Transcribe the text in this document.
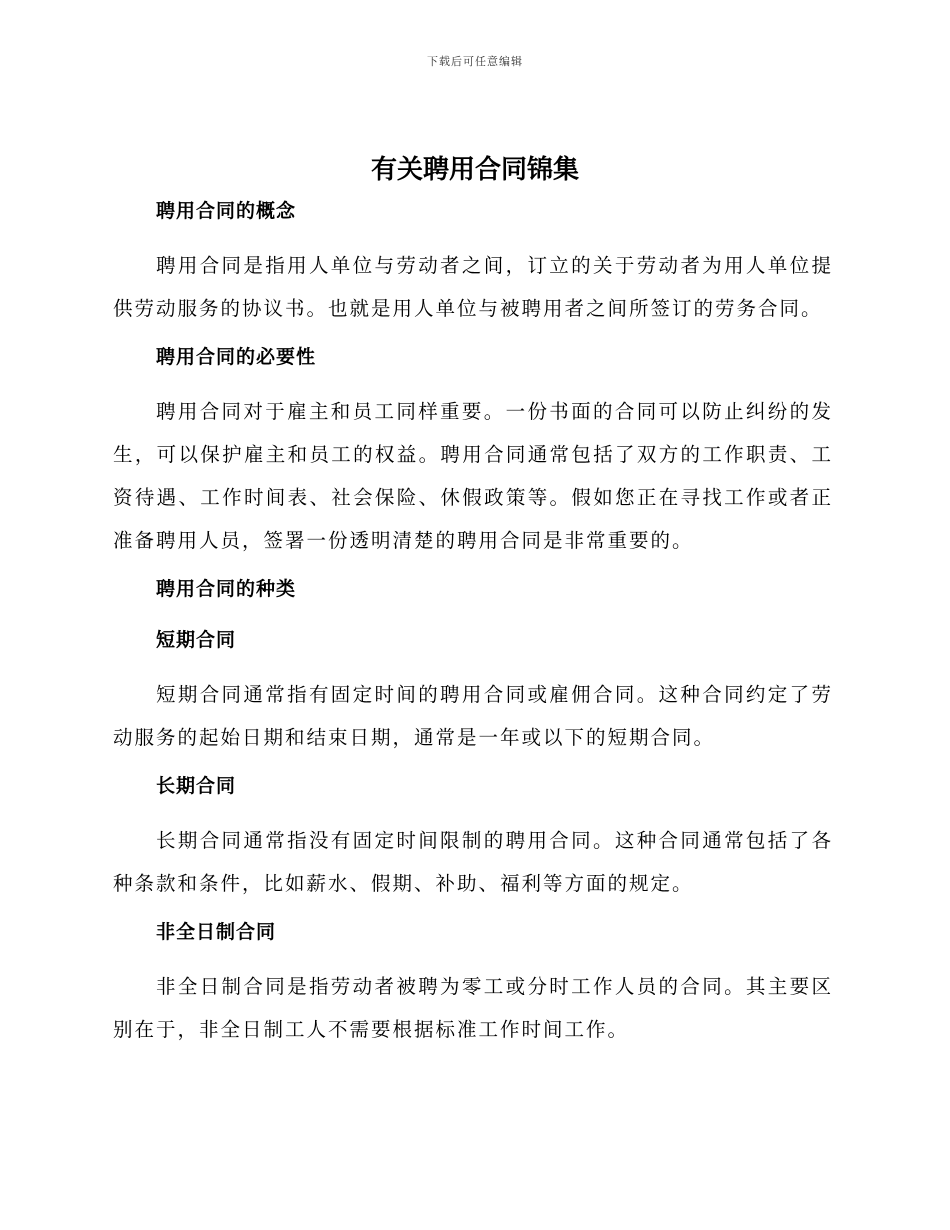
下载后可任意编辑
有关聘用合同锦集
聘用合同的概念

聘用合同是指用人单位与劳动者之间，订立的关于劳动者为用人单位提供劳动服务的协议书。也就是用人单位与被聘用者之间所签订的劳务合同。

聘用合同的必要性

聘用合同对于雇主和员工同样重要。一份书面的合同可以防止纠纷的发生，可以保护雇主和员工的权益。聘用合同通常包括了双方的工作职责、工资待遇、工作时间表、社会保险、休假政策等。假如您正在寻找工作或者正准备聘用人员，签署一份透明清楚的聘用合同是非常重要的。

聘用合同的种类
短期合同

短期合同通常指有固定时间的聘用合同或雇佣合同。这种合同约定了劳动服务的起始日期和结束日期，通常是一年或以下的短期合同。

长期合同

长期合同通常指没有固定时间限制的聘用合同。这种合同通常包括了各种条款和条件，比如薪水、假期、补助、福利等方面的规定。

非全日制合同

非全日制合同是指劳动者被聘为零工或分时工作人员的合同。其主要区别在于，非全日制工人不需要根据标准工作时间工作。
